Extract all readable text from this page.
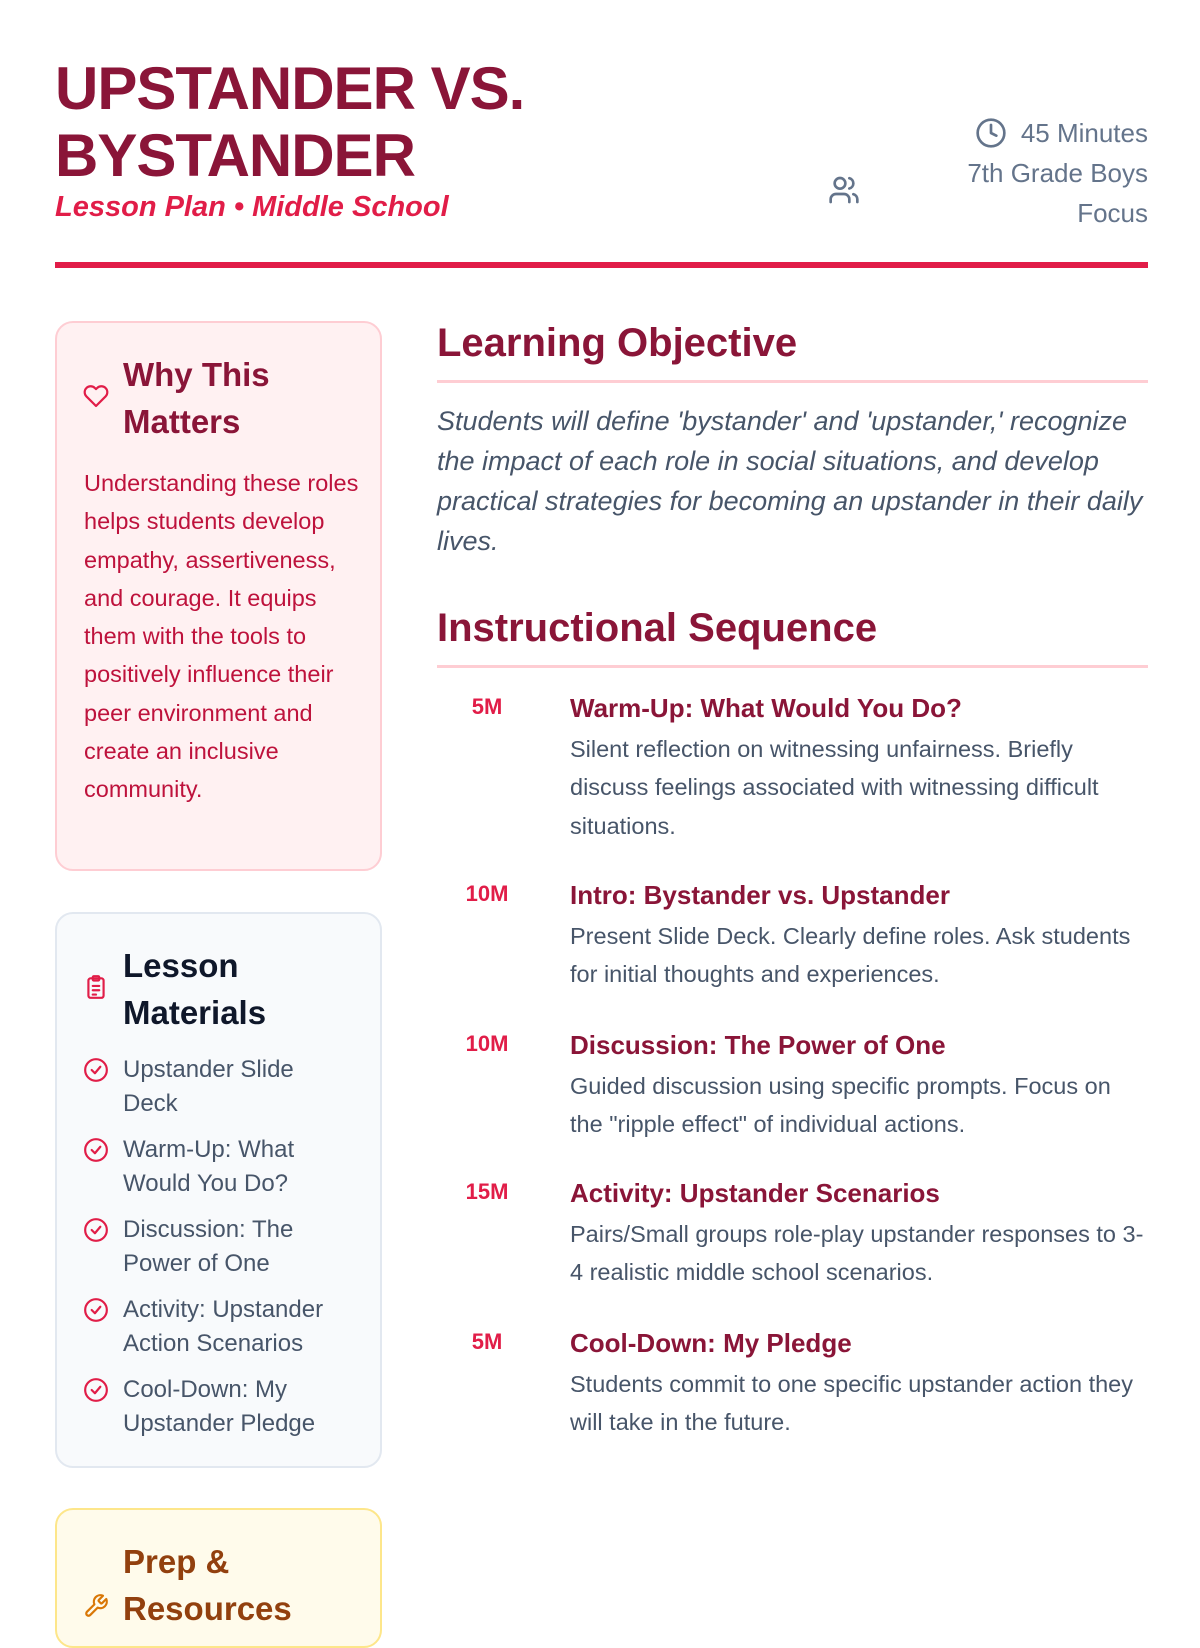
UPSTANDER VS.
BYSTANDER
Lesson Plan • Middle School
45 Minutes
7th Grade Boys Focus
Why This Matters
Understanding these roles helps students develop empathy, assertiveness, and courage. It equips them with the tools to positively influence their peer environment and create an inclusive community.
Lesson Materials
Upstander Slide Deck
Warm-Up: What Would You Do?
Discussion: The Power of One
Activity: Upstander Action Scenarios
Cool-Down: My Upstander Pledge
Prep & Resources
Learning Objective

Students will define 'bystander' and 'upstander,' recognize the impact of each role in social situations, and develop practical strategies for becoming an upstander in their daily lives.

Instructional Sequence
5M	Warm-Up: What Would You Do?

Silent reflection on witnessing unfairness. Briefly discuss feelings associated with witnessing difficult situations.

10M	Intro: Bystander vs. Upstander

Present Slide Deck. Clearly define roles. Ask students for initial thoughts and experiences.

10M	Discussion: The Power of One

Guided discussion using specific prompts. Focus on the "ripple effect" of individual actions.

15M	Activity: Upstander Scenarios

Pairs/Small groups role-play upstander responses to 3-4 realistic middle school scenarios.

5M	Cool-Down: My Pledge

Students commit to one specific upstander action they will take in the future.
